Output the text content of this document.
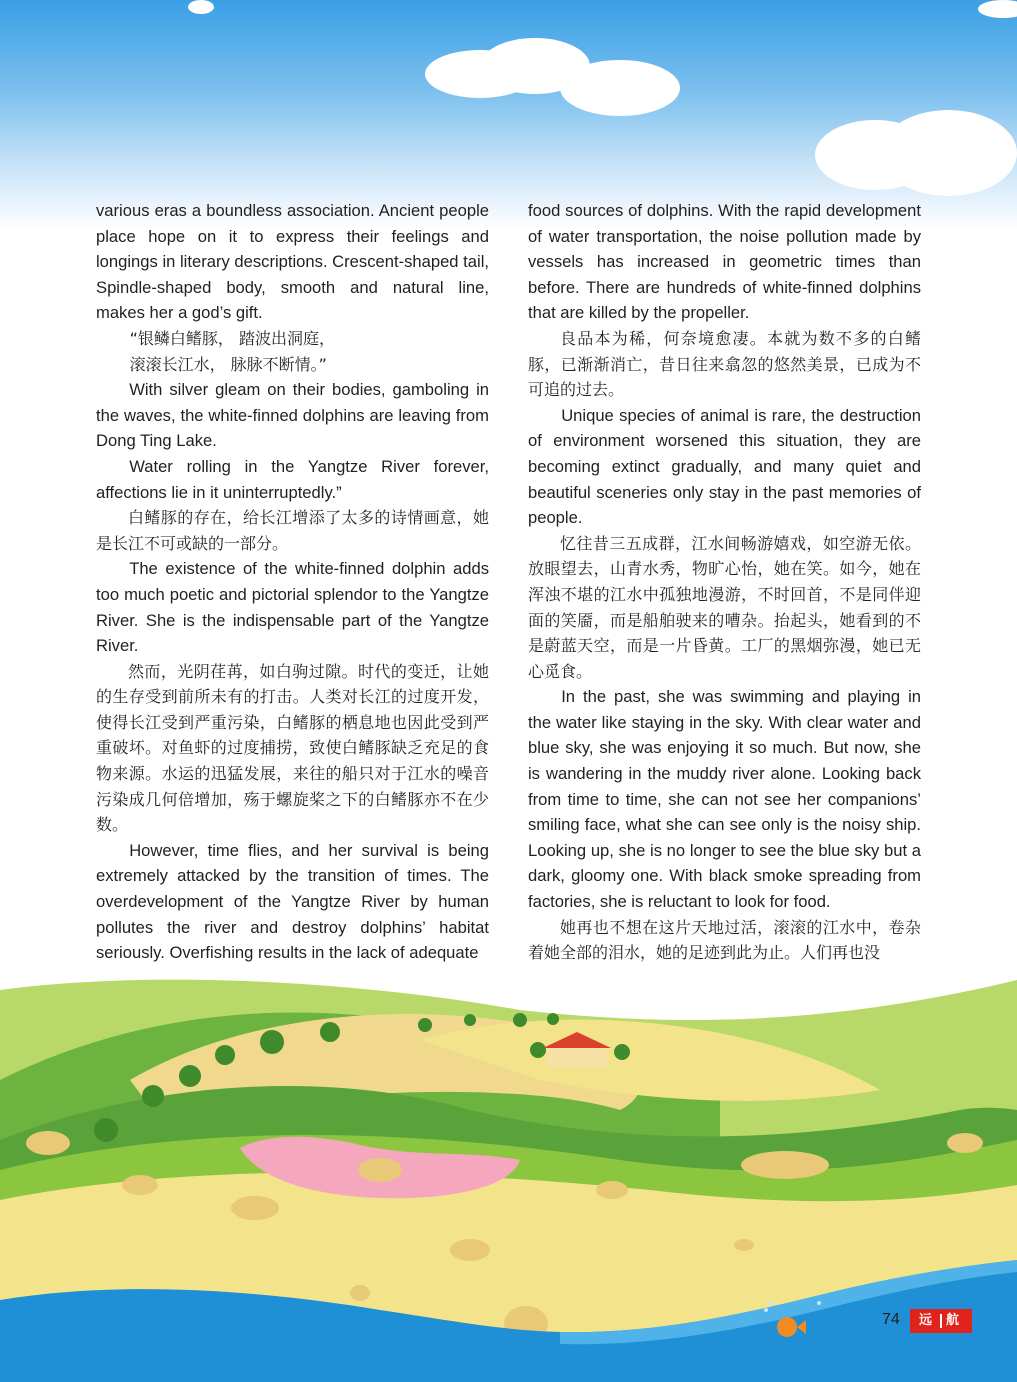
various eras a boundless association. Ancient people place hope on it to express their feelings and longings in literary descriptions. Crescent-shaped tail, Spindle-shaped body, smooth and natural line, makes her a god’s gift.

“银鳞白鳍豚， 踏波出洞庭，

滚滚长江水， 脉脉不断情。”

With silver gleam on their bodies, gamboling in the waves, the white-finned dolphins are leaving from Dong Ting Lake.

Water rolling in the Yangtze River forever, affections lie in it uninterruptedly.”

白鳍豚的存在，给长江增添了太多的诗情画意，她是长江不可或缺的一部分。

The existence of the white-finned dolphin adds too much poetic and pictorial splendor to the Yangtze River. She is the indispensable part of the Yangtze River.

然而，光阴荏苒，如白驹过隙。时代的变迁，让她的生存受到前所未有的打击。人类对长江的过度开发，使得长江受到严重污染，白鳍豚的栖息地也因此受到严重破坏。对鱼虾的过度捕捞，致使白鳍豚缺乏充足的食物来源。水运的迅猛发展，来往的船只对于江水的噪音污染成几何倍增加，殇于螺旋桨之下的白鳍豚亦不在少数。

However, time flies, and her survival is being extremely attacked by the transition of times. The overdevelopment of the Yangtze River by human pollutes the river and destroy dolphins’ habitat seriously. Overfishing results in the lack of adequate

food sources of dolphins. With the rapid development of water transportation, the noise pollution made by vessels has increased in geometric times than before. There are hundreds of white-finned dolphins that are killed by the propeller.

良品本为稀，何奈境愈凄。本就为数不多的白鳍豚，已渐渐消亡，昔日往来翕忽的悠然美景，已成为不可追的过去。

Unique species of animal is rare, the destruction of environment worsened this situation, they are becoming extinct gradually, and many quiet and beautiful sceneries only stay in the past memories of people.

忆往昔三五成群，江水间畅游嬉戏，如空游无依。放眼望去，山青水秀，物旷心怡，她在笑。如今，她在浑浊不堪的江水中孤独地漫游，不时回首，不是同伴迎面的笑靥，而是船舶驶来的嘈杂。抬起头，她看到的不是蔚蓝天空，而是一片昏黄。工厂的黑烟弥漫，她已无心觅食。

In the past, she was swimming and playing in the water like staying in the sky. With clear water and blue sky, she was enjoying it so much. But now, she is wandering in the muddy river alone. Looking back from time to time, she can not see her companions’ smiling face, what she can see only is the noisy ship. Looking up, she is no longer to see the blue sky but a dark, gloomy one. With black smoke spreading from factories, she is reluctant to look for food.

她再也不想在这片天地过活，滚滚的江水中，卷杂着她全部的泪水，她的足迹到此为止。人们再也没

74	远 航
